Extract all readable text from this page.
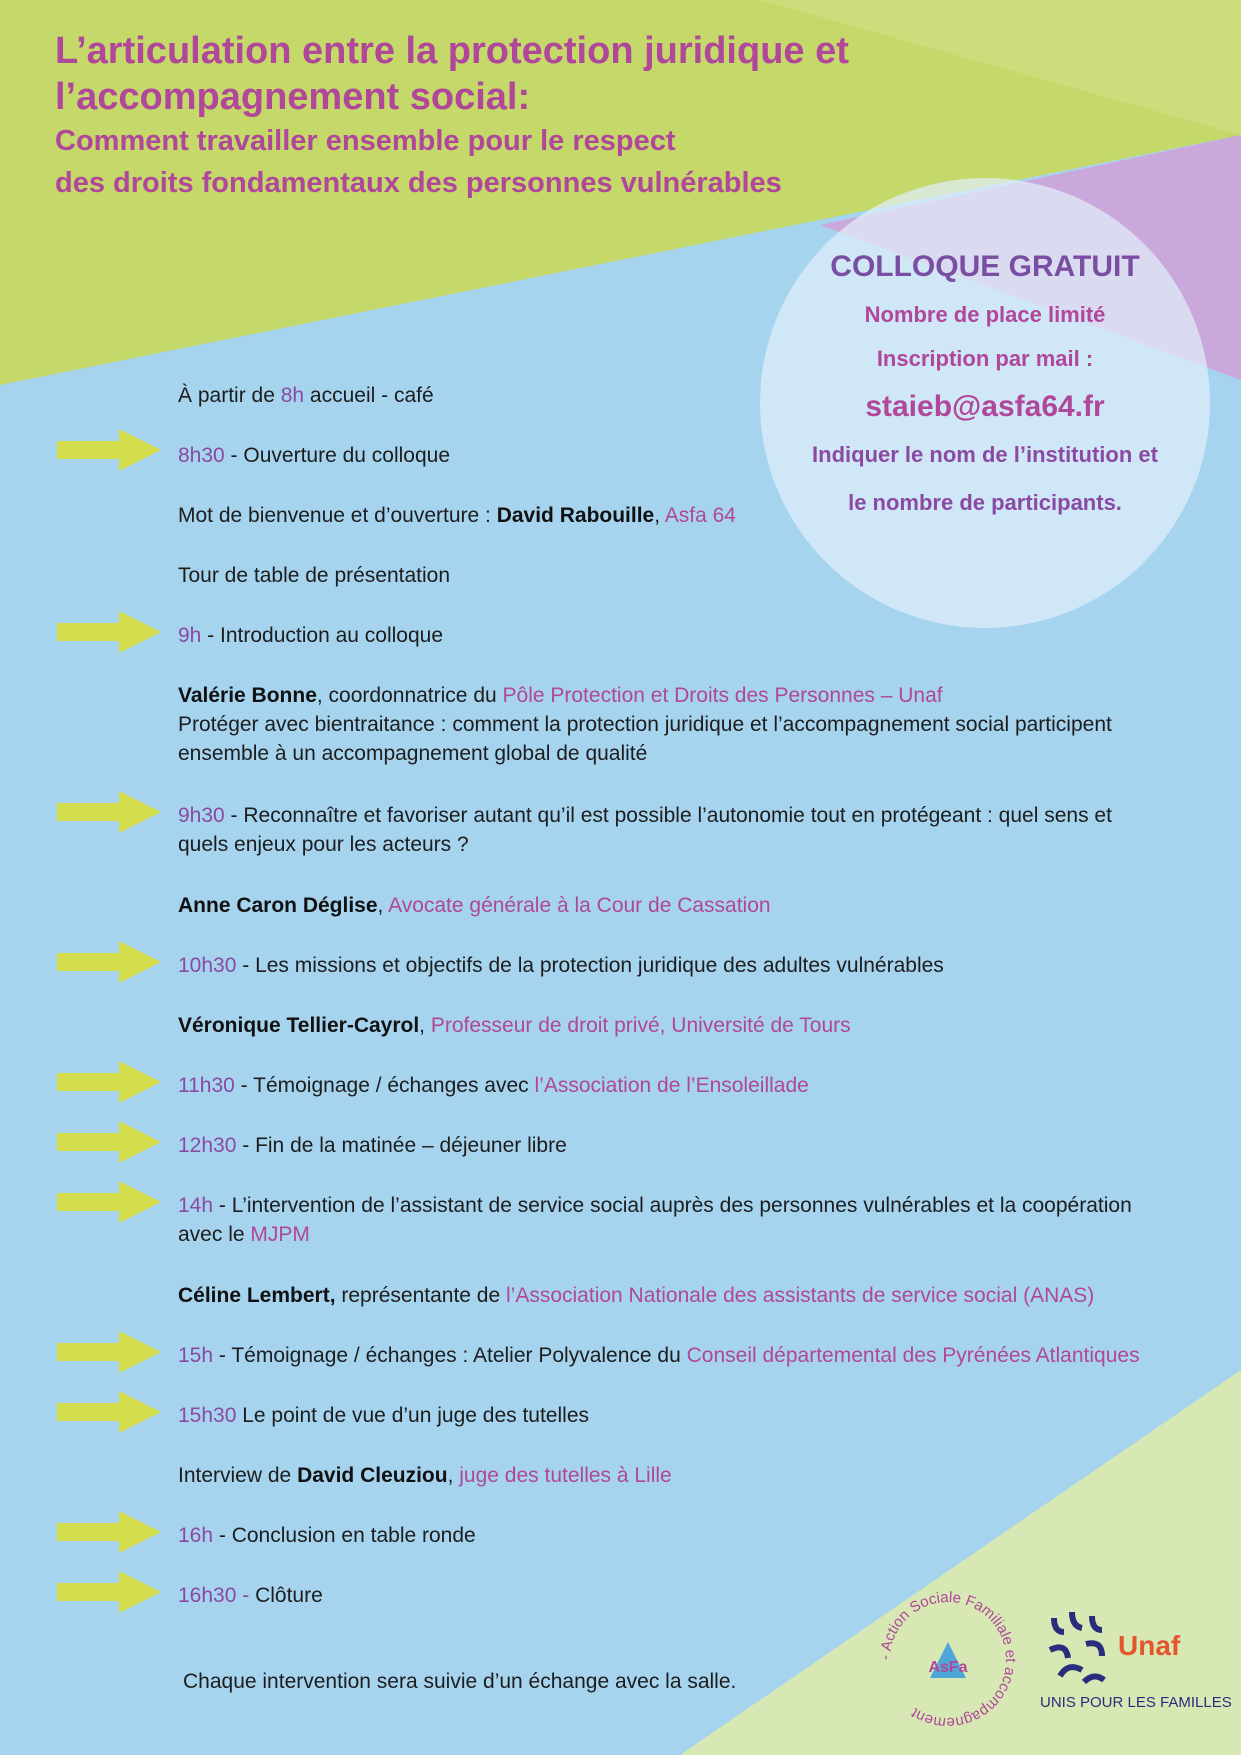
L’articulation entre la protection juridique et
l’accompagnement social:
Comment travailler ensemble pour le respect
des droits fondamentaux des personnes vulnérables
COLLOQUE GRATUIT
Nombre de place limité
Inscription par mail :
staieb@asfa64.fr
Indiquer le nom de l’institution et
le nombre de participants.
À partir de 8h accueil - café
8h30 - Ouverture du colloque
Mot de bienvenue et d’ouverture : David Rabouille, Asfa 64
Tour de table de présentation
9h - Introduction au colloque
Valérie Bonne, coordonnatrice du Pôle Protection et Droits des Personnes – Unaf
Protéger avec bientraitance : comment la protection juridique et l’accompagnement social participent
ensemble à un accompagnement global de qualité
9h30 - Reconnaître et favoriser autant qu’il est possible l’autonomie tout en protégeant : quel sens et
quels enjeux pour les acteurs ?
Anne Caron Déglise, Avocate générale à la Cour de Cassation
10h30 - Les missions et objectifs de la protection juridique des adultes vulnérables
Véronique Tellier-Cayrol, Professeur de droit privé, Université de Tours
11h30 - Témoignage / échanges avec l’Association de l’Ensoleillade
12h30 - Fin de la matinée – déjeuner libre
14h - L’intervention de l’assistant de service social auprès des personnes vulnérables et la coopération
avec le MJPM
Céline Lembert, représentante de l’Association Nationale des assistants de service social (ANAS)
15h - Témoignage / échanges : Atelier Polyvalence du Conseil départemental des Pyrénées Atlantiques
15h30 Le point de vue d’un juge des tutelles
Interview de David Cleuziou, juge des tutelles à Lille
16h - Conclusion en table ronde
16h30 - Clôture
Chaque intervention sera suivie d’un échange avec la salle.
- Action Sociale Familiale et accompagnement
AsFa
Unaf
UNIS POUR LES FAMILLES
